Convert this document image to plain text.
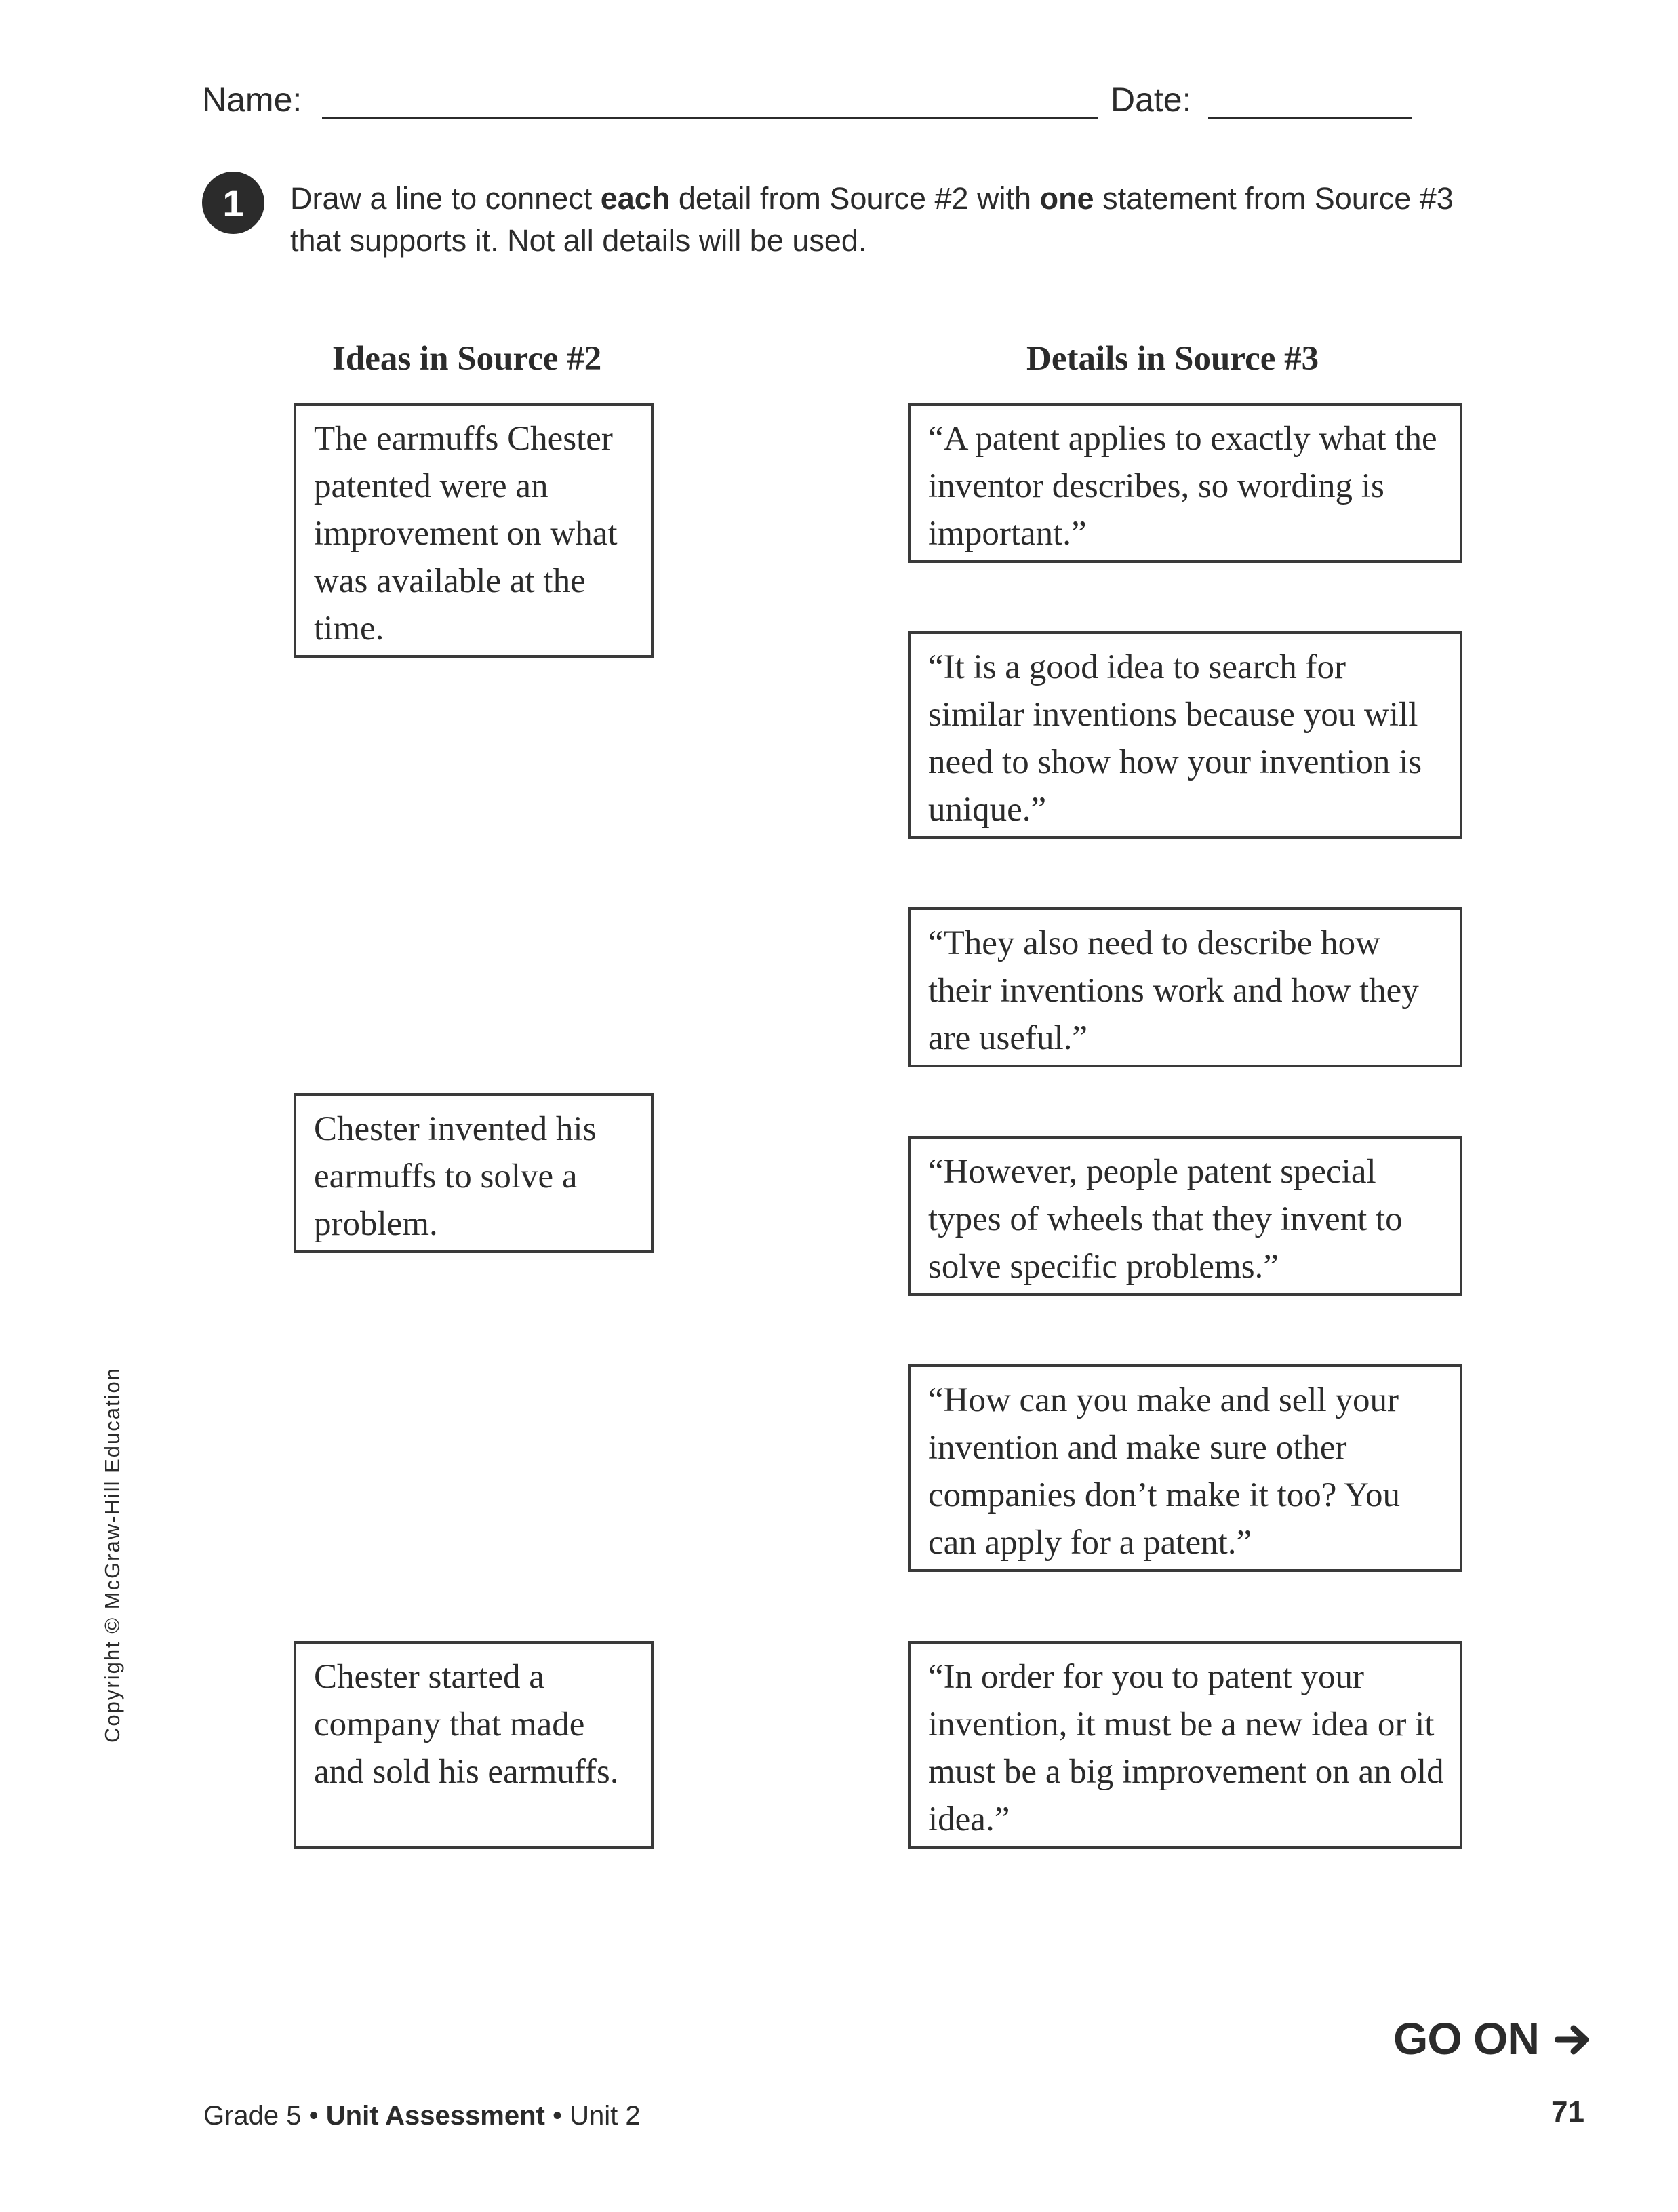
Name:	Date:
1	Draw a line to connect each detail from Source #2 with one statement from Source #3 that supports it. Not all details will be used.
Ideas in Source #2	Details in Source #3
The earmuffs Chester patented were an improvement on what was available at the time.
Chester invented his earmuffs to solve a problem.
Chester started a company that made and sold his earmuffs.
“A patent applies to exactly what the inventor describes, so wording is important.”
“It is a good idea to search for similar inventions because you will need to show how your invention is unique.”
“They also need to describe how their inventions work and how they are useful.”
“However, people patent special types of wheels that they invent to solve specific problems.”
“How can you make and sell your invention and make sure other companies don’t make it too? You can apply for a patent.”
“In order for you to patent your invention, it must be a new idea or it must be a big improvement on an old idea.”
Copyright © McGraw-Hill Education
Grade 5 • Unit Assessment • Unit 2
GO ON
71
